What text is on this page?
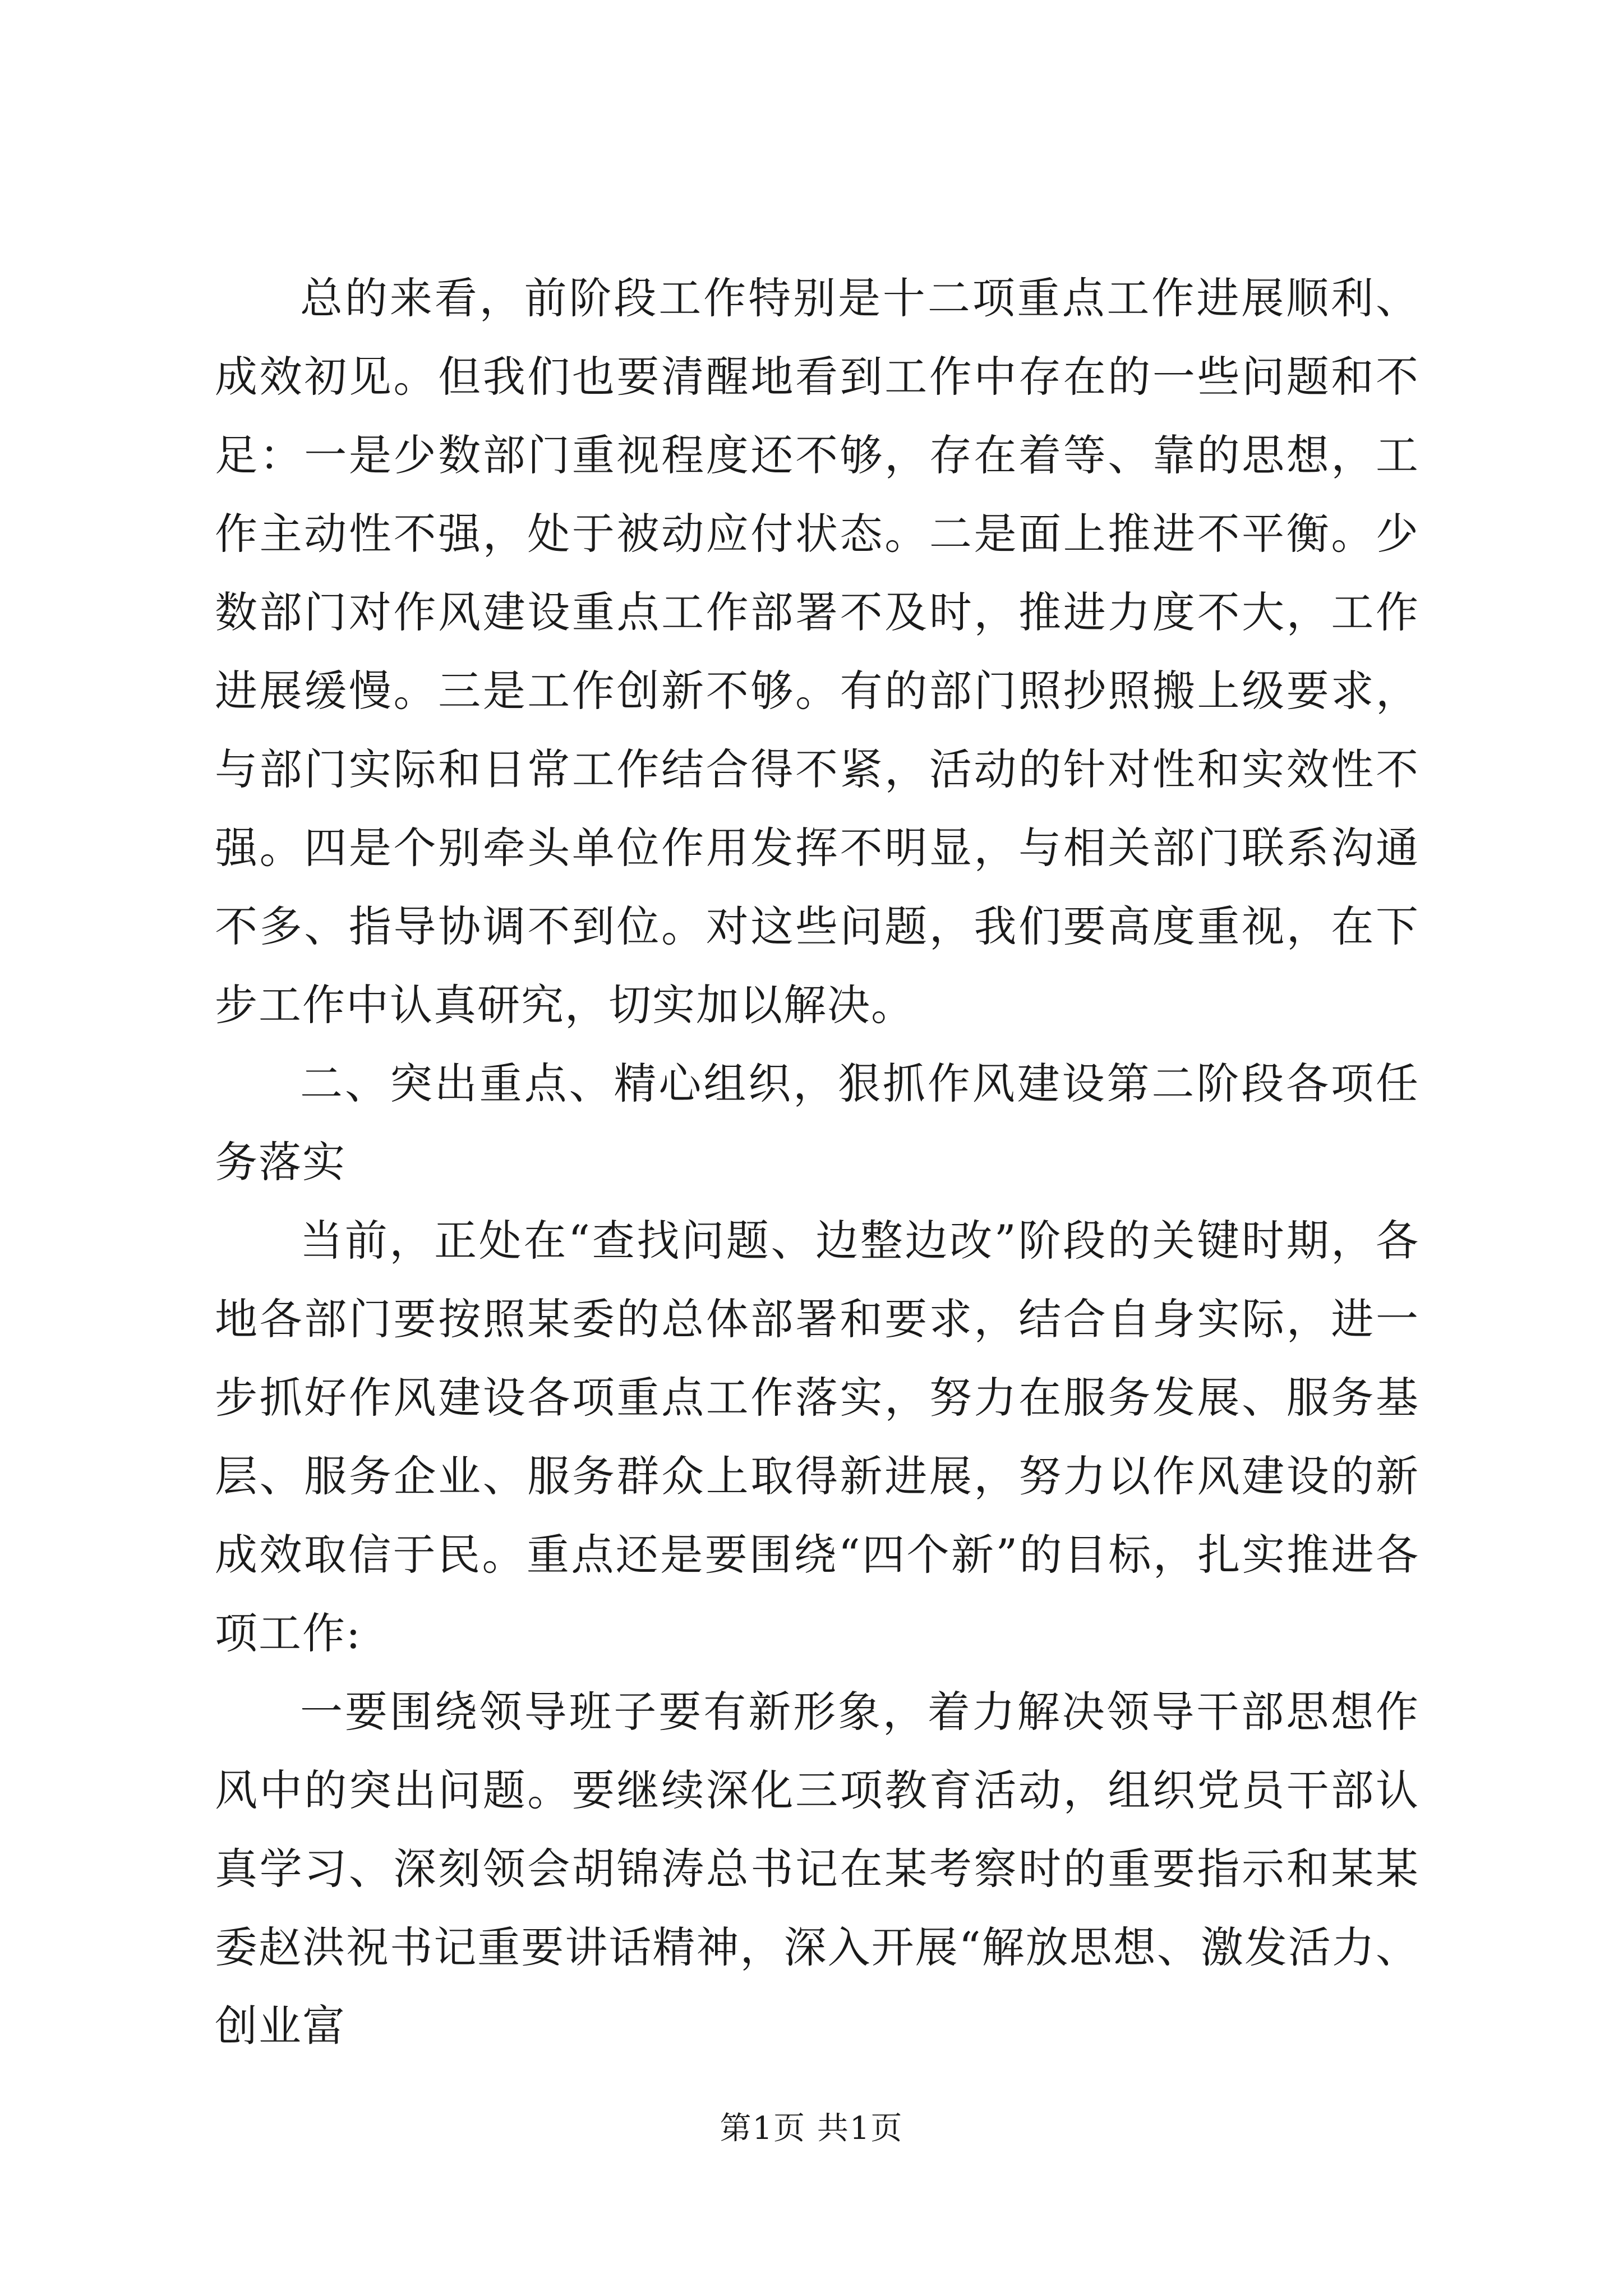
总的来看，前阶段工作特别是十二项重点工作进展顺利、成效初见。但我们也要清醒地看到工作中存在的一些问题和不足：一是少数部门重视程度还不够，存在着等、靠的思想，工作主动性不强，处于被动应付状态。二是面上推进不平衡。少数部门对作风建设重点工作部署不及时，推进力度不大，工作进展缓慢。三是工作创新不够。有的部门照抄照搬上级要求，与部门实际和日常工作结合得不紧，活动的针对性和实效性不强。四是个别牵头单位作用发挥不明显，与相关部门联系沟通不多、指导协调不到位。对这些问题，我们要高度重视，在下步工作中认真研究，切实加以解决。

二、突出重点、精心组织，狠抓作风建设第二阶段各项任务落实

当前，正处在“查找问题、边整边改”阶段的关键时期，各地各部门要按照某委的总体部署和要求，结合自身实际，进一步抓好作风建设各项重点工作落实，努力在服务发展、服务基层、服务企业、服务群众上取得新进展，努力以作风建设的新成效取信于民。重点还是要围绕“四个新”的目标，扎实推进各项工作:

一要围绕领导班子要有新形象，着力解决领导干部思想作风中的突出问题。要继续深化三项教育活动，组织党员干部认真学习、深刻领会胡锦涛总书记在某考察时的重要指示和某某委赵洪祝书记重要讲话精神，深入开展“解放思想、激发活力、创业富

第1页 共1页
